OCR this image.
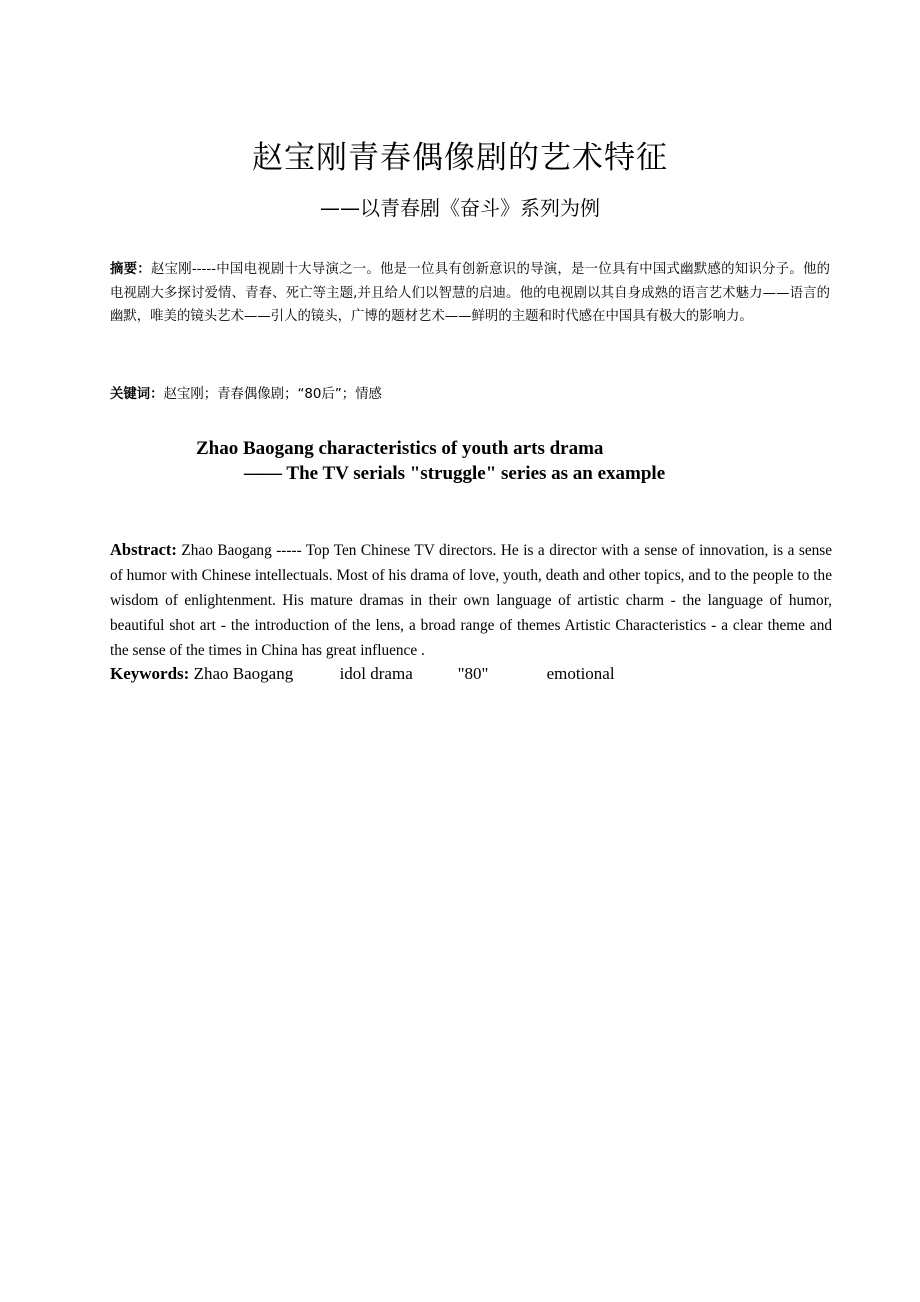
赵宝刚青春偶像剧的艺术特征
——以青春剧《奋斗》系列为例
摘要：赵宝刚-----中国电视剧十大导演之一。他是一位具有创新意识的导演，是一位具有中国式幽默感的知识分子。他的电视剧大多探讨爱情、青春、死亡等主题,并且给人们以智慧的启迪。他的电视剧以其自身成熟的语言艺术魅力——语言的幽默，唯美的镜头艺术——引人的镜头，广博的题材艺术——鲜明的主题和时代感在中国具有极大的影响力。
关键词：赵宝刚；青春偶像剧；“80后”；情感
Zhao Baogang characteristics of youth arts drama
—— The TV serials "struggle" series as an example
Abstract: Zhao Baogang ----- Top Ten Chinese TV directors. He is a director with a sense of innovation, is a sense of humor with Chinese intellectuals. Most of his drama of love, youth, death and other topics, and to the people to the wisdom of enlightenment. His mature dramas in their own language of artistic charm - the language of humor, beautiful shot art - the introduction of the lens, a broad range of themes Artistic Characteristics - a clear theme and the sense of the times in China has great influence .
Keywords: Zhao Baogang	idol drama	"80"	emotional
